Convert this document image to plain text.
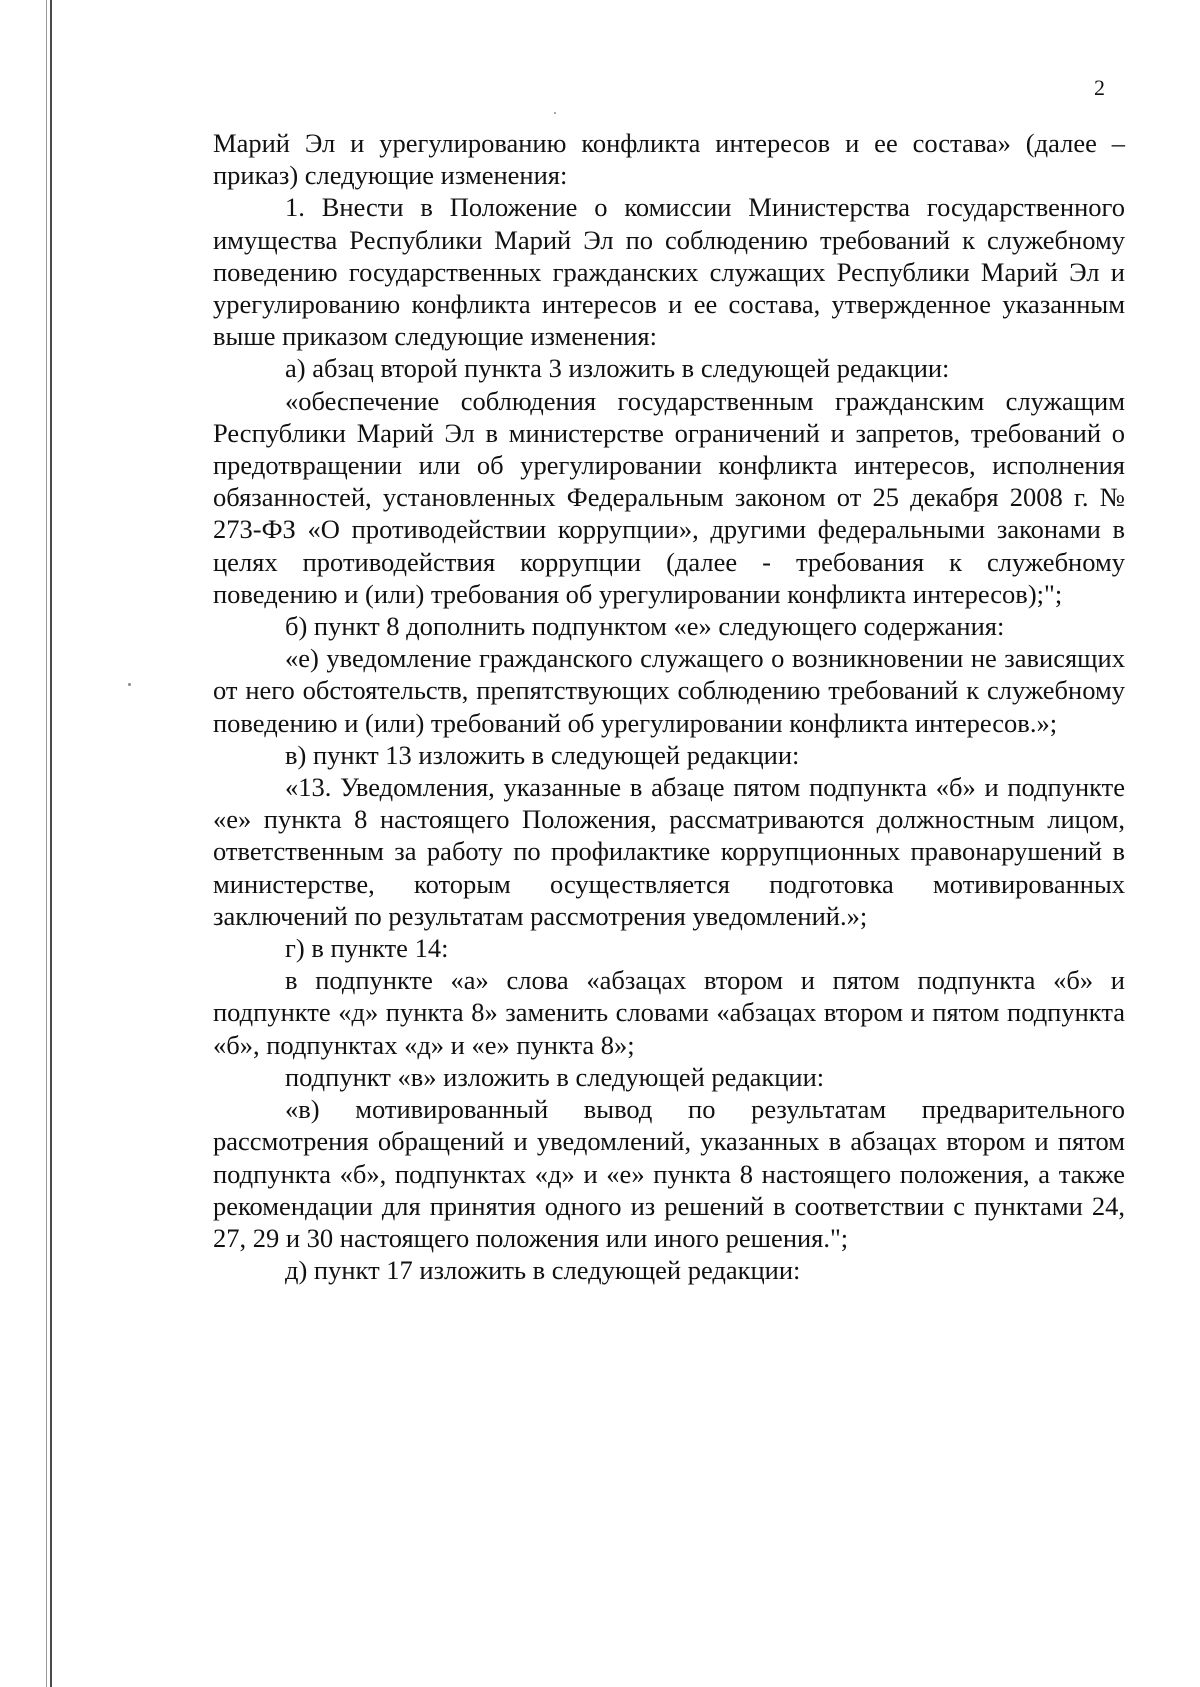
2

Марий Эл и урегулированию конфликта интересов и ее состава» (далее – приказ) следующие изменения:

1. Внести в Положение о комиссии Министерства государственного имущества Республики Марий Эл по соблюдению требований к служебному поведению государственных гражданских служащих Республики Марий Эл и урегулированию конфликта интересов и ее состава, утвержденное указанным выше приказом следующие изменения:

а) абзац второй пункта 3 изложить в следующей редакции:

«обеспечение соблюдения государственным гражданским служащим Республики Марий Эл в министерстве ограничений и запретов, требований о предотвращении или об урегулировании конфликта интересов, исполнения обязанностей, установленных Федеральным законом от 25 декабря 2008 г. № 273-ФЗ «О противодействии коррупции», другими федеральными законами в целях противодействия коррупции (далее - требования к служебному поведению и (или) требования об урегулировании конфликта интересов);";

б) пункт 8 дополнить подпунктом «е» следующего содержания:

«е) уведомление гражданского служащего о возникновении не зависящих от него обстоятельств, препятствующих соблюдению требований к служебному поведению и (или) требований об урегулировании конфликта интересов.»;

в) пункт 13 изложить в следующей редакции:

«13. Уведомления, указанные в абзаце пятом подпункта «б» и подпункте «е» пункта 8 настоящего Положения, рассматриваются должностным лицом, ответственным за работу по профилактике коррупционных правонарушений в министерстве, которым осуществляется подготовка мотивированных заключений по результатам рассмотрения уведомлений.»;

г) в пункте 14:

в подпункте «а» слова «абзацах втором и пятом подпункта «б» и подпункте «д» пункта 8» заменить словами «абзацах втором и пятом подпункта «б», подпунктах «д» и «е» пункта 8»;

подпункт «в» изложить в следующей редакции:

«в) мотивированный вывод по результатам предварительного рассмотрения обращений и уведомлений, указанных в абзацах втором и пятом подпункта «б», подпунктах «д» и «е» пункта 8 настоящего положения, а также рекомендации для принятия одного из решений в соответствии с пунктами 24, 27, 29 и 30 настоящего положения или иного решения.";

д) пункт 17 изложить в следующей редакции:
